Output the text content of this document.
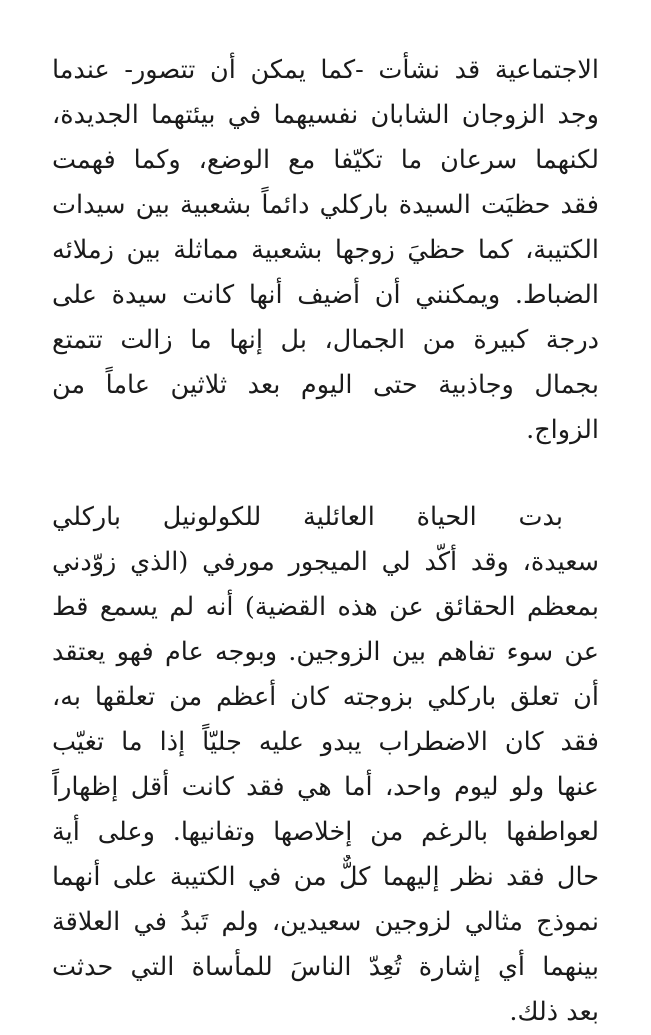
الاجتماعية قد نشأت -كما يمكن أن تتصور- عندما
وجد الزوجان الشابان نفسيهما في بيئتهما الجديدة،
لكنهما سرعان ما تكيّفا مع الوضع، وكما فهمت
فقد حظيَت السيدة باركلي دائماً بشعبية بين سيدات
الكتيبة، كما حظيَ زوجها بشعبية مماثلة بين زملائه
الضباط. ويمكنني أن أضيف أنها كانت سيدة على
درجة كبيرة من الجمال، بل إنها ما زالت تتمتع
بجمال وجاذبية حتى اليوم بعد ثلاثين عاماً من
الزواج.
بدت الحياة العائلية للكولونيل باركلي
سعيدة، وقد أكّد لي الميجور مورفي (الذي زوّدني
بمعظم الحقائق عن هذه القضية) أنه لم يسمع قط
عن سوء تفاهم بين الزوجين. وبوجه عام فهو يعتقد
أن تعلق باركلي بزوجته كان أعظم من تعلقها به،
فقد كان الاضطراب يبدو عليه جليّاً إذا ما تغيّب
عنها ولو ليوم واحد، أما هي فقد كانت أقل إظهاراً
لعواطفها بالرغم من إخلاصها وتفانيها. وعلى أية
حال فقد نظر إليهما كلٌّ من في الكتيبة على أنهما
نموذج مثالي لزوجين سعيدين، ولم تَبدُ في العلاقة
بينهما أي إشارة تُعِدّ الناسَ للمأساة التي حدثت
بعد ذلك.
